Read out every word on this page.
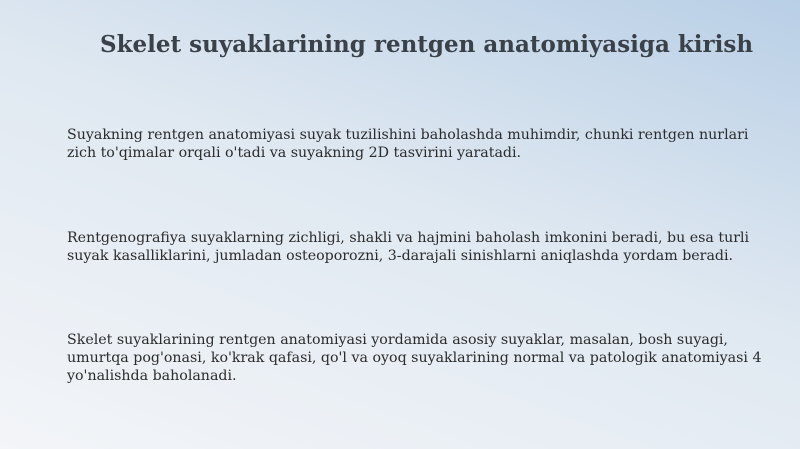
Skelet suyaklarining rentgen anatomiyasiga kirish

Suyakning rentgen anatomiyasi suyak tuzilishini baholashda muhimdir, chunki rentgen nurlari zich to'qimalar orqali o'tadi va suyakning 2D tasvirini yaratadi.

Rentgenografiya suyaklarning zichligi, shakli va hajmini baholash imkonini beradi, bu esa turli suyak kasalliklarini, jumladan osteoporozni, 3-darajali sinishlarni aniqlashda yordam beradi.

Skelet suyaklarining rentgen anatomiyasi yordamida asosiy suyaklar, masalan, bosh suyagi, umurtqa pog'onasi, ko'krak qafasi, qo'l va oyoq suyaklarining normal va patologik anatomiyasi 4 yo'nalishda baholanadi.
